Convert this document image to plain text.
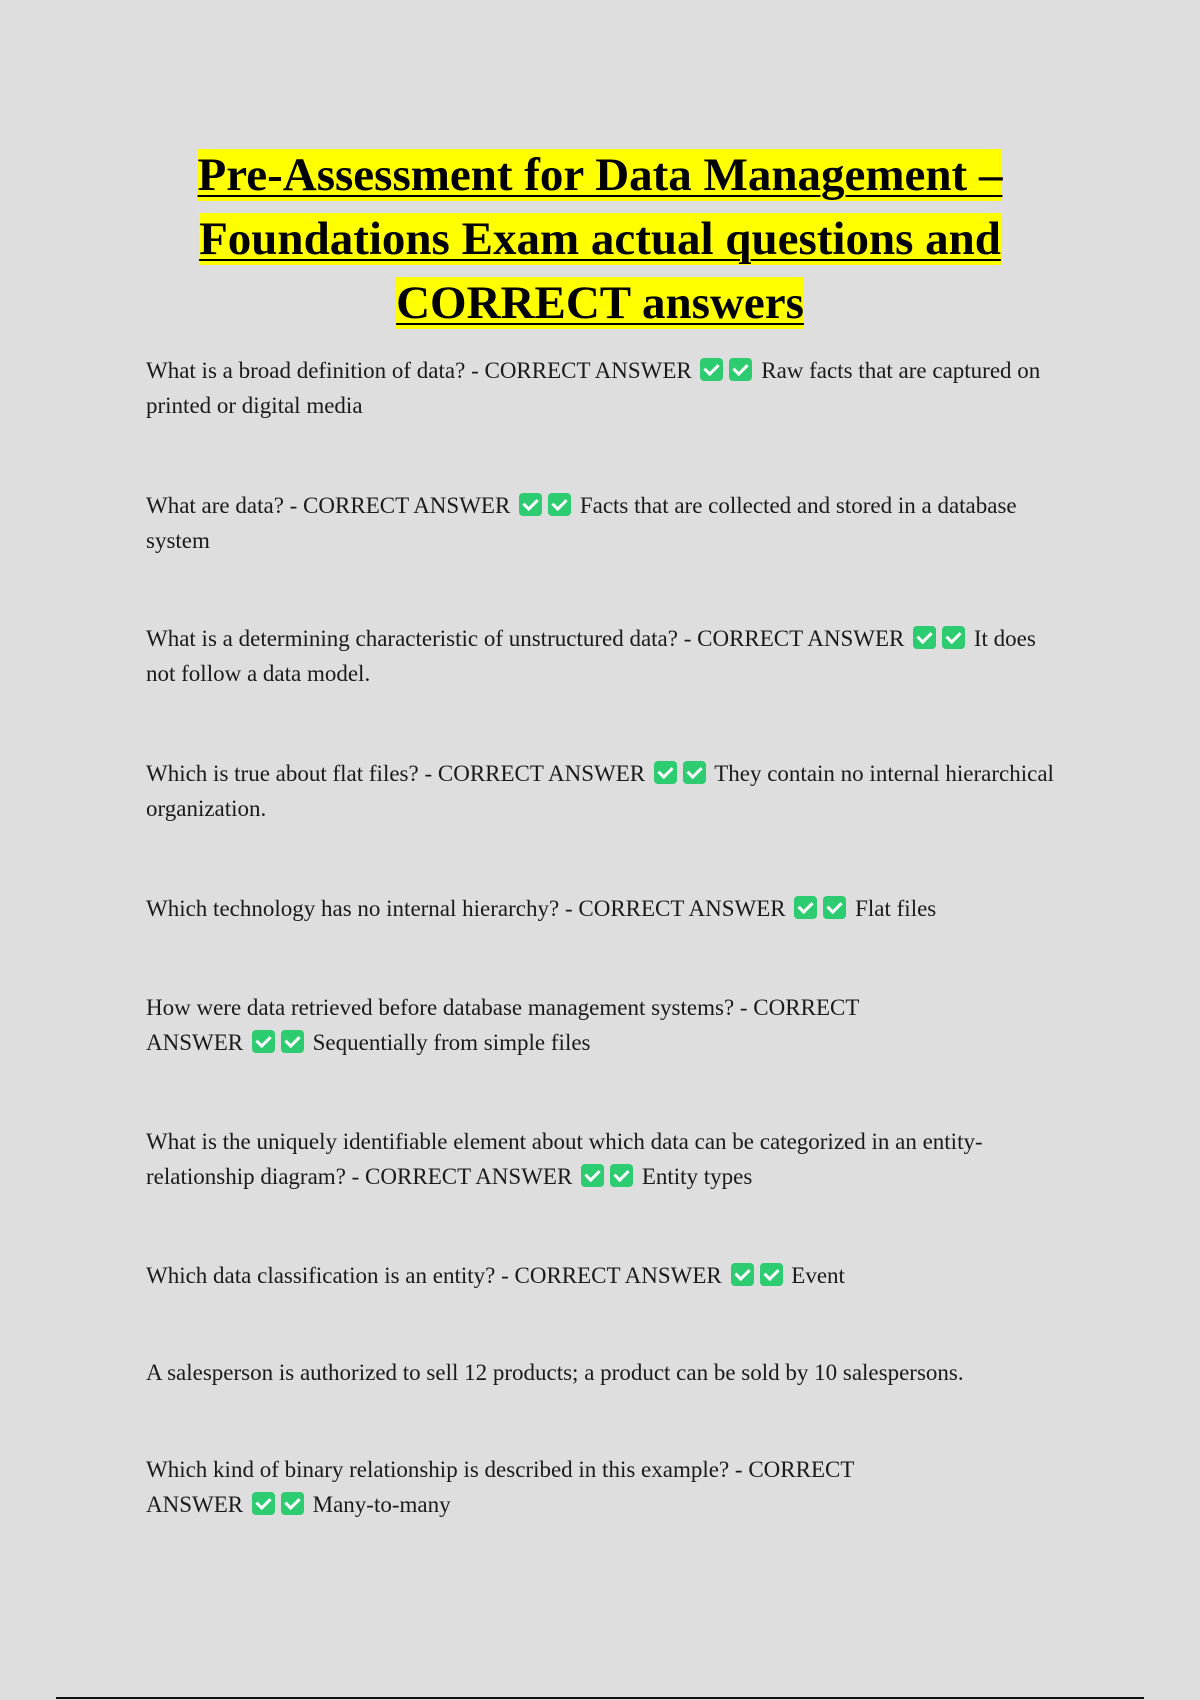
Pre-Assessment for Data Management –
Foundations Exam actual questions and
CORRECT answers

What is a broad definition of data? - CORRECT ANSWER	Raw facts that are captured on printed or digital media

What are data? - CORRECT ANSWER	Facts that are collected and stored in a database system

What is a determining characteristic of unstructured data? - CORRECT ANSWER	It does not follow a data model.

Which is true about flat files? - CORRECT ANSWER	They contain no internal hierarchical organization.

Which technology has no internal hierarchy? - CORRECT ANSWER	Flat files

How were data retrieved before database management systems? - CORRECT ANSWER	Sequentially from simple files

What is the uniquely identifiable element about which data can be categorized in an entity-relationship diagram? - CORRECT ANSWER	Entity types

Which data classification is an entity? - CORRECT ANSWER	Event

A salesperson is authorized to sell 12 products; a product can be sold by 10 salespersons.

Which kind of binary relationship is described in this example? - CORRECT ANSWER	Many-to-many
